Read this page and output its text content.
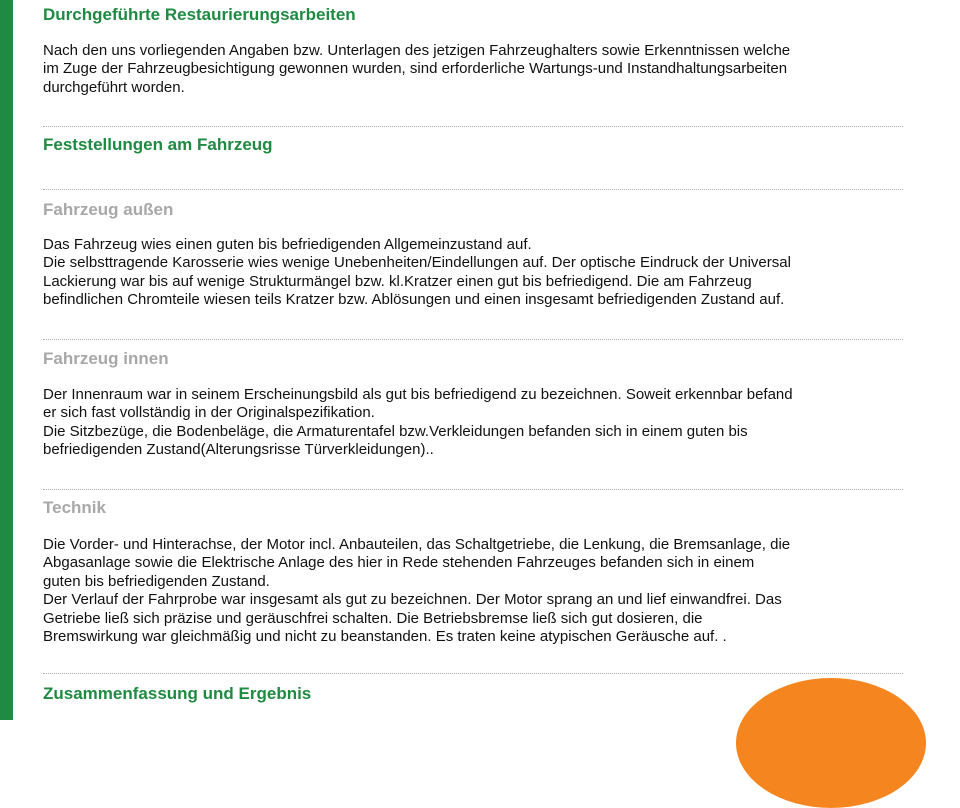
Durchgeführte Restaurierungsarbeiten
Nach den uns vorliegenden Angaben bzw. Unterlagen des jetzigen Fahrzeughalters sowie Erkenntnissen welche
im Zuge der Fahrzeugbesichtigung gewonnen wurden, sind erforderliche Wartungs-und Instandhaltungsarbeiten
durchgeführt worden.
Feststellungen am Fahrzeug
Fahrzeug außen
Das Fahrzeug wies einen guten bis befriedigenden Allgemeinzustand auf.
Die selbsttragende Karosserie wies wenige Unebenheiten/Eindellungen auf. Der optische Eindruck der Universal
Lackierung war bis auf wenige Strukturmängel bzw. kl.Kratzer einen gut bis befriedigend. Die am Fahrzeug
befindlichen Chromteile wiesen teils Kratzer bzw. Ablösungen und einen insgesamt befriedigenden Zustand auf.
Fahrzeug innen
Der Innenraum war in seinem Erscheinungsbild als gut bis befriedigend zu bezeichnen. Soweit erkennbar befand
er sich fast vollständig in der Originalspezifikation.
Die Sitzbezüge, die Bodenbeläge, die Armaturentafel bzw.Verkleidungen befanden sich in einem guten bis
befriedigenden Zustand(Alterungsrisse Türverkleidungen)..
Technik
Die Vorder- und Hinterachse, der Motor incl. Anbauteilen, das Schaltgetriebe, die Lenkung, die Bremsanlage, die
Abgasanlage sowie die Elektrische Anlage des hier in Rede stehenden Fahrzeuges befanden sich in einem
guten bis befriedigenden Zustand.
Der Verlauf der Fahrprobe war insgesamt als gut zu bezeichnen. Der Motor sprang an und lief einwandfrei. Das
Getriebe ließ sich präzise und geräuschfrei schalten. Die Betriebsbremse ließ sich gut dosieren, die
Bremswirkung war gleichmäßig und nicht zu beanstanden. Es traten keine atypischen Geräusche auf. .
Zusammenfassung und Ergebnis
